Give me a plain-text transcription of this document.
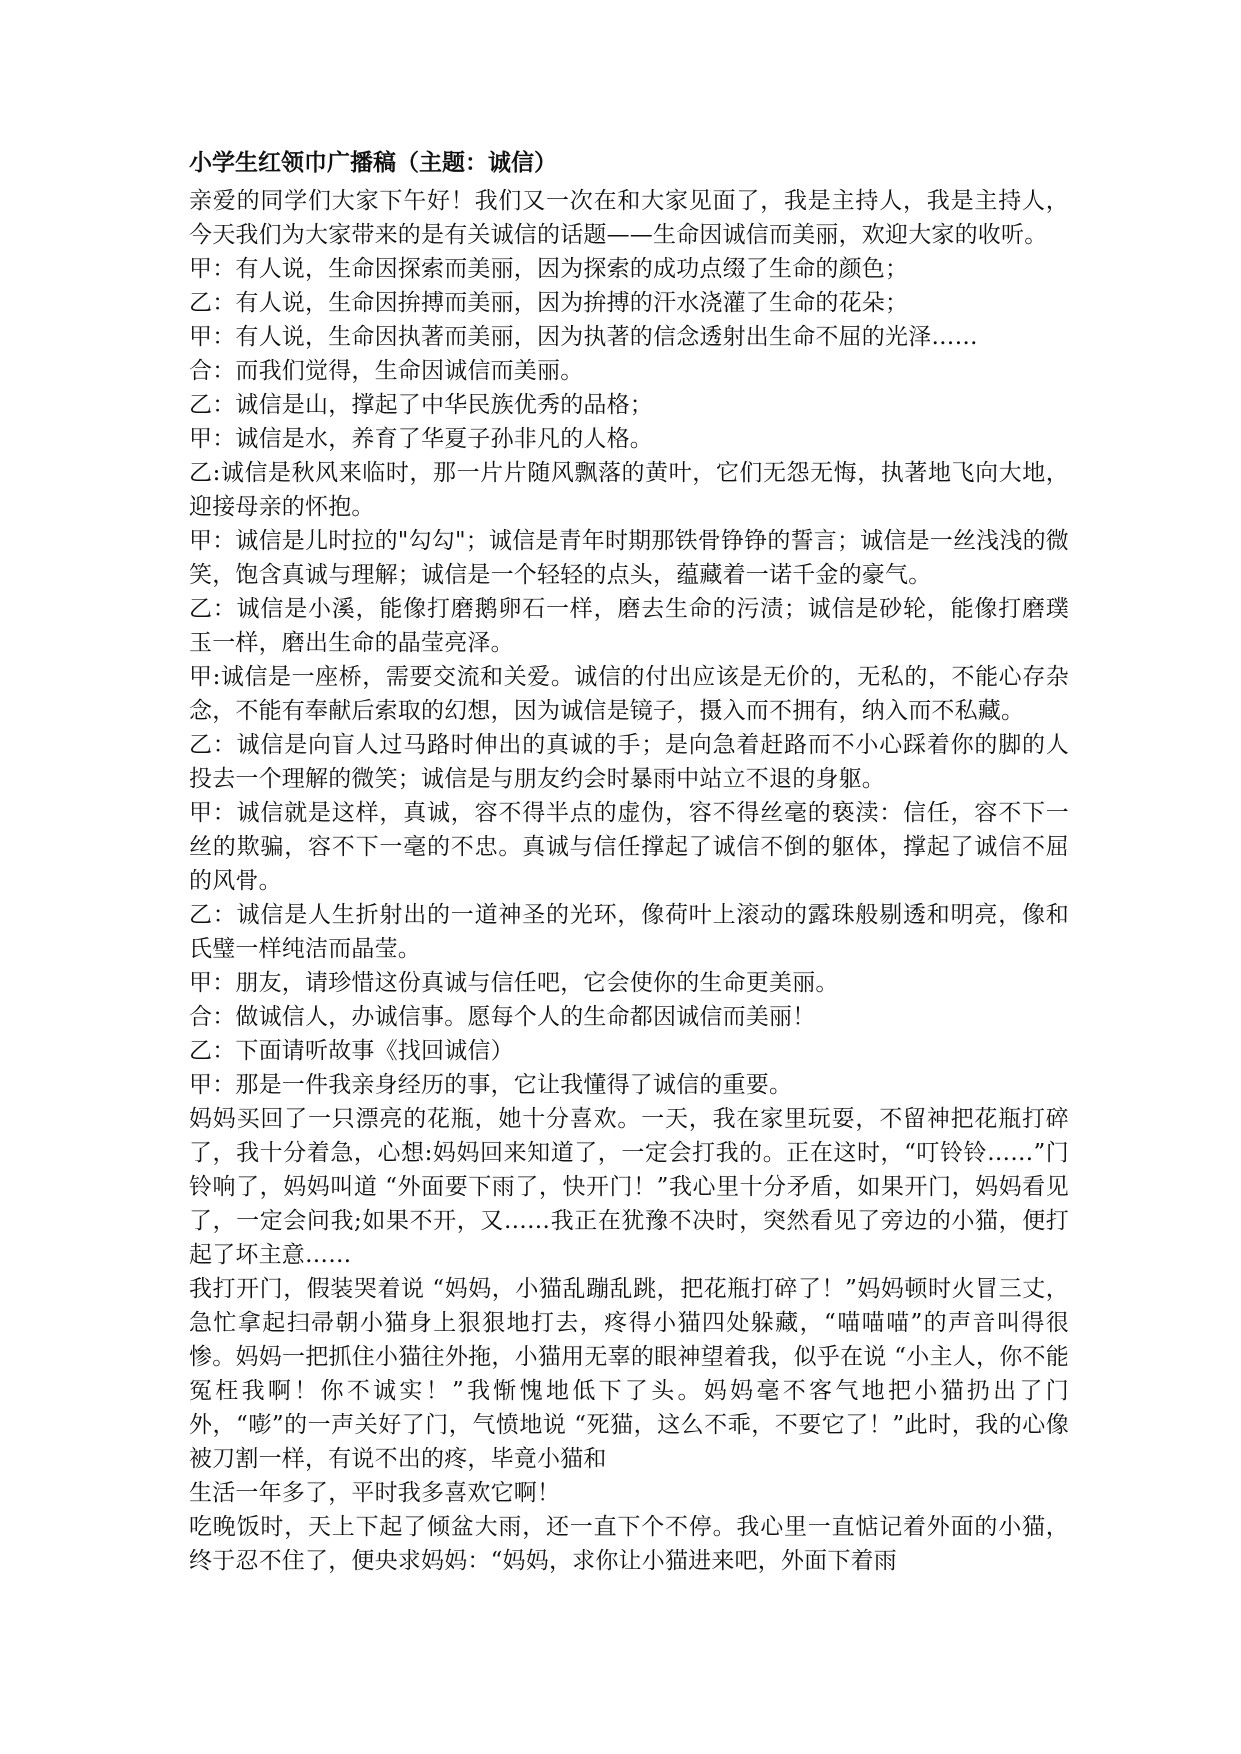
小学生红领巾广播稿（主题：诚信）

亲爱的同学们大家下午好！我们又一次在和大家见面了，我是主持人，我是主持人，今天我们为大家带来的是有关诚信的话题——生命因诚信而美丽，欢迎大家的收听。

甲：有人说，生命因探索而美丽，因为探索的成功点缀了生命的颜色；

乙：有人说，生命因拚搏而美丽，因为拚搏的汗水浇灌了生命的花朵；

甲：有人说，生命因执著而美丽，因为执著的信念透射出生命不屈的光泽……

合：而我们觉得，生命因诚信而美丽。

乙：诚信是山，撑起了中华民族优秀的品格；

甲：诚信是水，养育了华夏子孙非凡的人格。

乙:诚信是秋风来临时，那一片片随风飘落的黄叶，它们无怨无悔，执著地飞向大地，迎接母亲的怀抱。

甲：诚信是儿时拉的"勾勾"；诚信是青年时期那铁骨铮铮的誓言；诚信是一丝浅浅的微笑，饱含真诚与理解；诚信是一个轻轻的点头，蕴藏着一诺千金的豪气。

乙：诚信是小溪，能像打磨鹅卵石一样，磨去生命的污渍；诚信是砂轮，能像打磨璞玉一样，磨出生命的晶莹亮泽。

甲:诚信是一座桥，需要交流和关爱。诚信的付出应该是无价的，无私的，不能心存杂念，不能有奉献后索取的幻想，因为诚信是镜子，摄入而不拥有，纳入而不私藏。

乙：诚信是向盲人过马路时伸出的真诚的手；是向急着赶路而不小心踩着你的脚的人投去一个理解的微笑；诚信是与朋友约会时暴雨中站立不退的身躯。

甲：诚信就是这样，真诚，容不得半点的虚伪，容不得丝毫的亵渎：信任，容不下一丝的欺骗，容不下一毫的不忠。真诚与信任撑起了诚信不倒的躯体，撑起了诚信不屈的风骨。

乙：诚信是人生折射出的一道神圣的光环，像荷叶上滚动的露珠般剔透和明亮，像和氏璧一样纯洁而晶莹。

甲：朋友，请珍惜这份真诚与信任吧，它会使你的生命更美丽。

合：做诚信人，办诚信事。愿每个人的生命都因诚信而美丽！

乙：下面请听故事《找回诚信）

甲：那是一件我亲身经历的事，它让我懂得了诚信的重要。

妈妈买回了一只漂亮的花瓶，她十分喜欢。一天，我在家里玩耍，不留神把花瓶打碎了，我十分着急，心想:妈妈回来知道了，一定会打我的。正在这时，“叮铃铃……”门铃响了，妈妈叫道 “外面要下雨了，快开门！”我心里十分矛盾，如果开门，妈妈看见了，一定会问我;如果不开，又……我正在犹豫不决时，突然看见了旁边的小猫，便打起了坏主意……

我打开门，假装哭着说 “妈妈，小猫乱蹦乱跳，把花瓶打碎了！”妈妈顿时火冒三丈，急忙拿起扫帚朝小猫身上狠狠地打去，疼得小猫四处躲藏，“喵喵喵”的声音叫得很惨。妈妈一把抓住小猫往外拖，小猫用无辜的眼神望着我，似乎在说 “小主人，你不能冤枉我啊！你不诚实！”我惭愧地低下了头。妈妈毫不客气地把小猫扔出了门外，“嘭”的一声关好了门，气愤地说 “死猫，这么不乖，不要它了！”此时，我的心像被刀割一样，有说不出的疼，毕竟小猫和

生活一年多了，平时我多喜欢它啊！

吃晚饭时，天上下起了倾盆大雨，还一直下个不停。我心里一直惦记着外面的小猫，终于忍不住了，便央求妈妈：“妈妈，求你让小猫进来吧，外面下着雨
